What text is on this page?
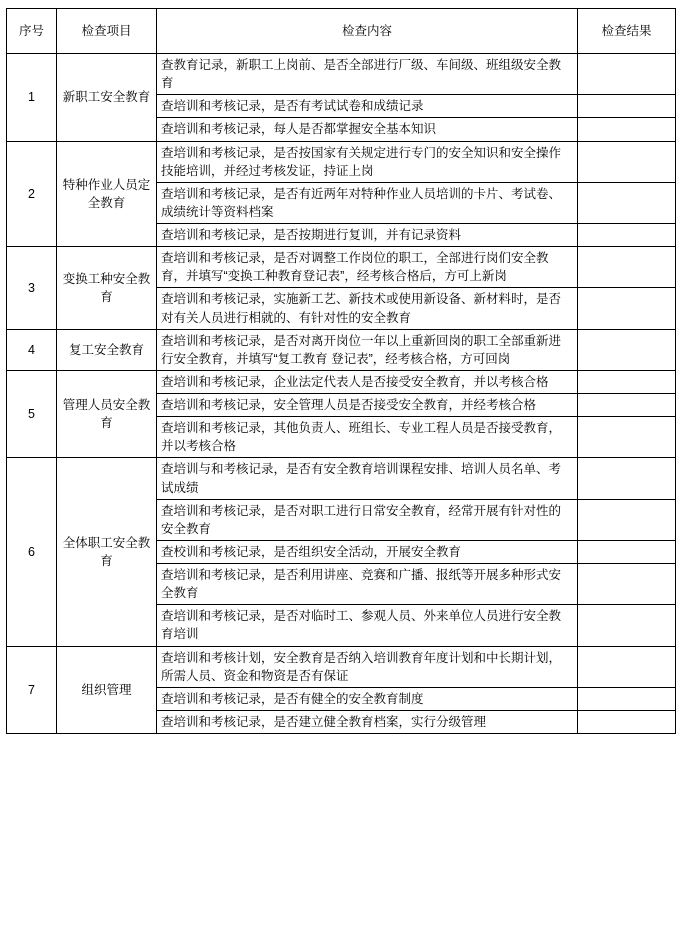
序号	检查项目	检查内容	检查结果
1	新职工安全教育	查教育记录，新职工上岗前、是否全部进行厂级、车间级、班组级安全教育	
		查培训和考核记录，是否有考试试卷和成绩记录	
		查培训和考核记录，每人是否都掌握安全基本知识	
2	特种作业人员定全教育	查培训和考核记录，是否按国家有关规定进行专门的安全知识和安全操作技能培训，并经过考核发证，持证上岗	
		查培训和考核记录，是否有近两年对特种作业人员培训的卡片、考试卷、成绩统计等资料档案	
		查培训和考核记录，是否按期进行复训，并有记录资料	
3	变换工种安全教育	查培训和考核记录，是否对调整工作岗位的职工，全部进行岗们安全教育，并填写“变换工种教育登记表”，经考核合格后，方可上新岗	
		查培训和考核记录，实施新工艺、新技术或使用新设备、新材料时，是否对有关人员进行相就的、有针对性的安全教育	
4	复工安全教育	查培训和考核记录，是否对离开岗位一年以上重新回岗的职工全部重新进行安全教育，并填写“复工教育 登记表”，经考核合格，方可回岗	
5	管理人员安全教育	查培训和考核记录，企业法定代表人是否接受安全教育，并以考核合格	
		查培训和考核记录，安全管理人员是否接受安全教育，并经考核合格	
		查培训和考核记录，其他负责人、班组长、专业工程人员是否接受教育，并以考核合格	
6	全体职工安全教育	查培训与和考核记录，是否有安全教育培训课程安排、培训人员名单、考试成绩	
		查培训和考核记录，是否对职工进行日常安全教育，经常开展有针对性的安全教育	
		查校训和考核记录，是否组织安全活动，开展安全教育	
		查培训和考核记录，是否利用讲座、竞赛和广播、报纸等开展多种形式安全教育	
		查培训和考核记录，是否对临时工、参观人员、外来单位人员进行安全教育培训	
7	组织管理	查培训和考核计划，安全教育是否纳入培训教育年度计划和中长期计划，所需人员、资金和物资是否有保证	
		查培训和考核记录，是否有健全的安全教育制度	
		查培训和考核记录，是否建立健全教育档案，实行分级管理	
